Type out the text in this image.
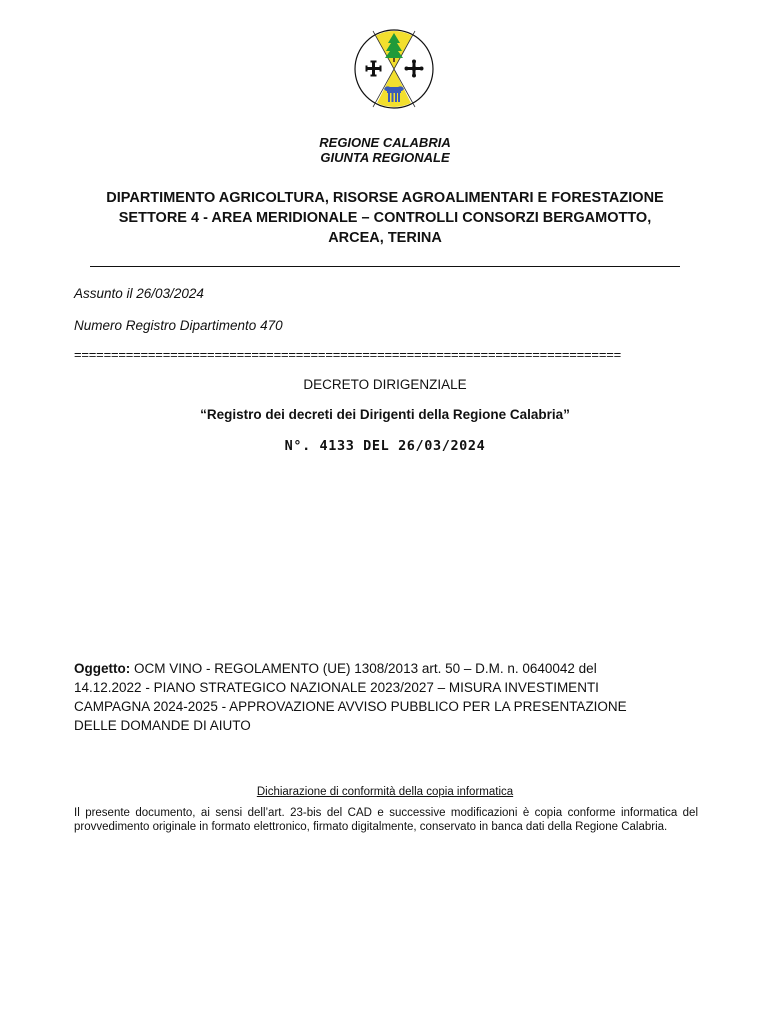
REGIONE CALABRIA
GIUNTA REGIONALE
DIPARTIMENTO AGRICOLTURA, RISORSE AGROALIMENTARI E FORESTAZIONE
SETTORE 4 - AREA MERIDIONALE – CONTROLLI CONSORZI BERGAMOTTO,
ARCEA, TERINA
Assunto il 26/03/2024
Numero Registro Dipartimento 470
==========================================================================
DECRETO DIRIGENZIALE
“Registro dei decreti dei Dirigenti della Regione Calabria”
N°. 4133 DEL 26/03/2024
Oggetto: OCM VINO - REGOLAMENTO (UE) 1308/2013 art. 50 – D.M. n. 0640042 del 14.12.2022 - PIANO STRATEGICO NAZIONALE 2023/2027 – MISURA INVESTIMENTI CAMPAGNA 2024-2025 - APPROVAZIONE AVVISO PUBBLICO PER LA PRESENTAZIONE DELLE DOMANDE DI AIUTO
Dichiarazione di conformità della copia informatica
Il presente documento, ai sensi dell’art. 23-bis del CAD e successive modificazioni è copia conforme informatica del provvedimento originale in formato elettronico, firmato digitalmente, conservato in banca dati della Regione Calabria.
